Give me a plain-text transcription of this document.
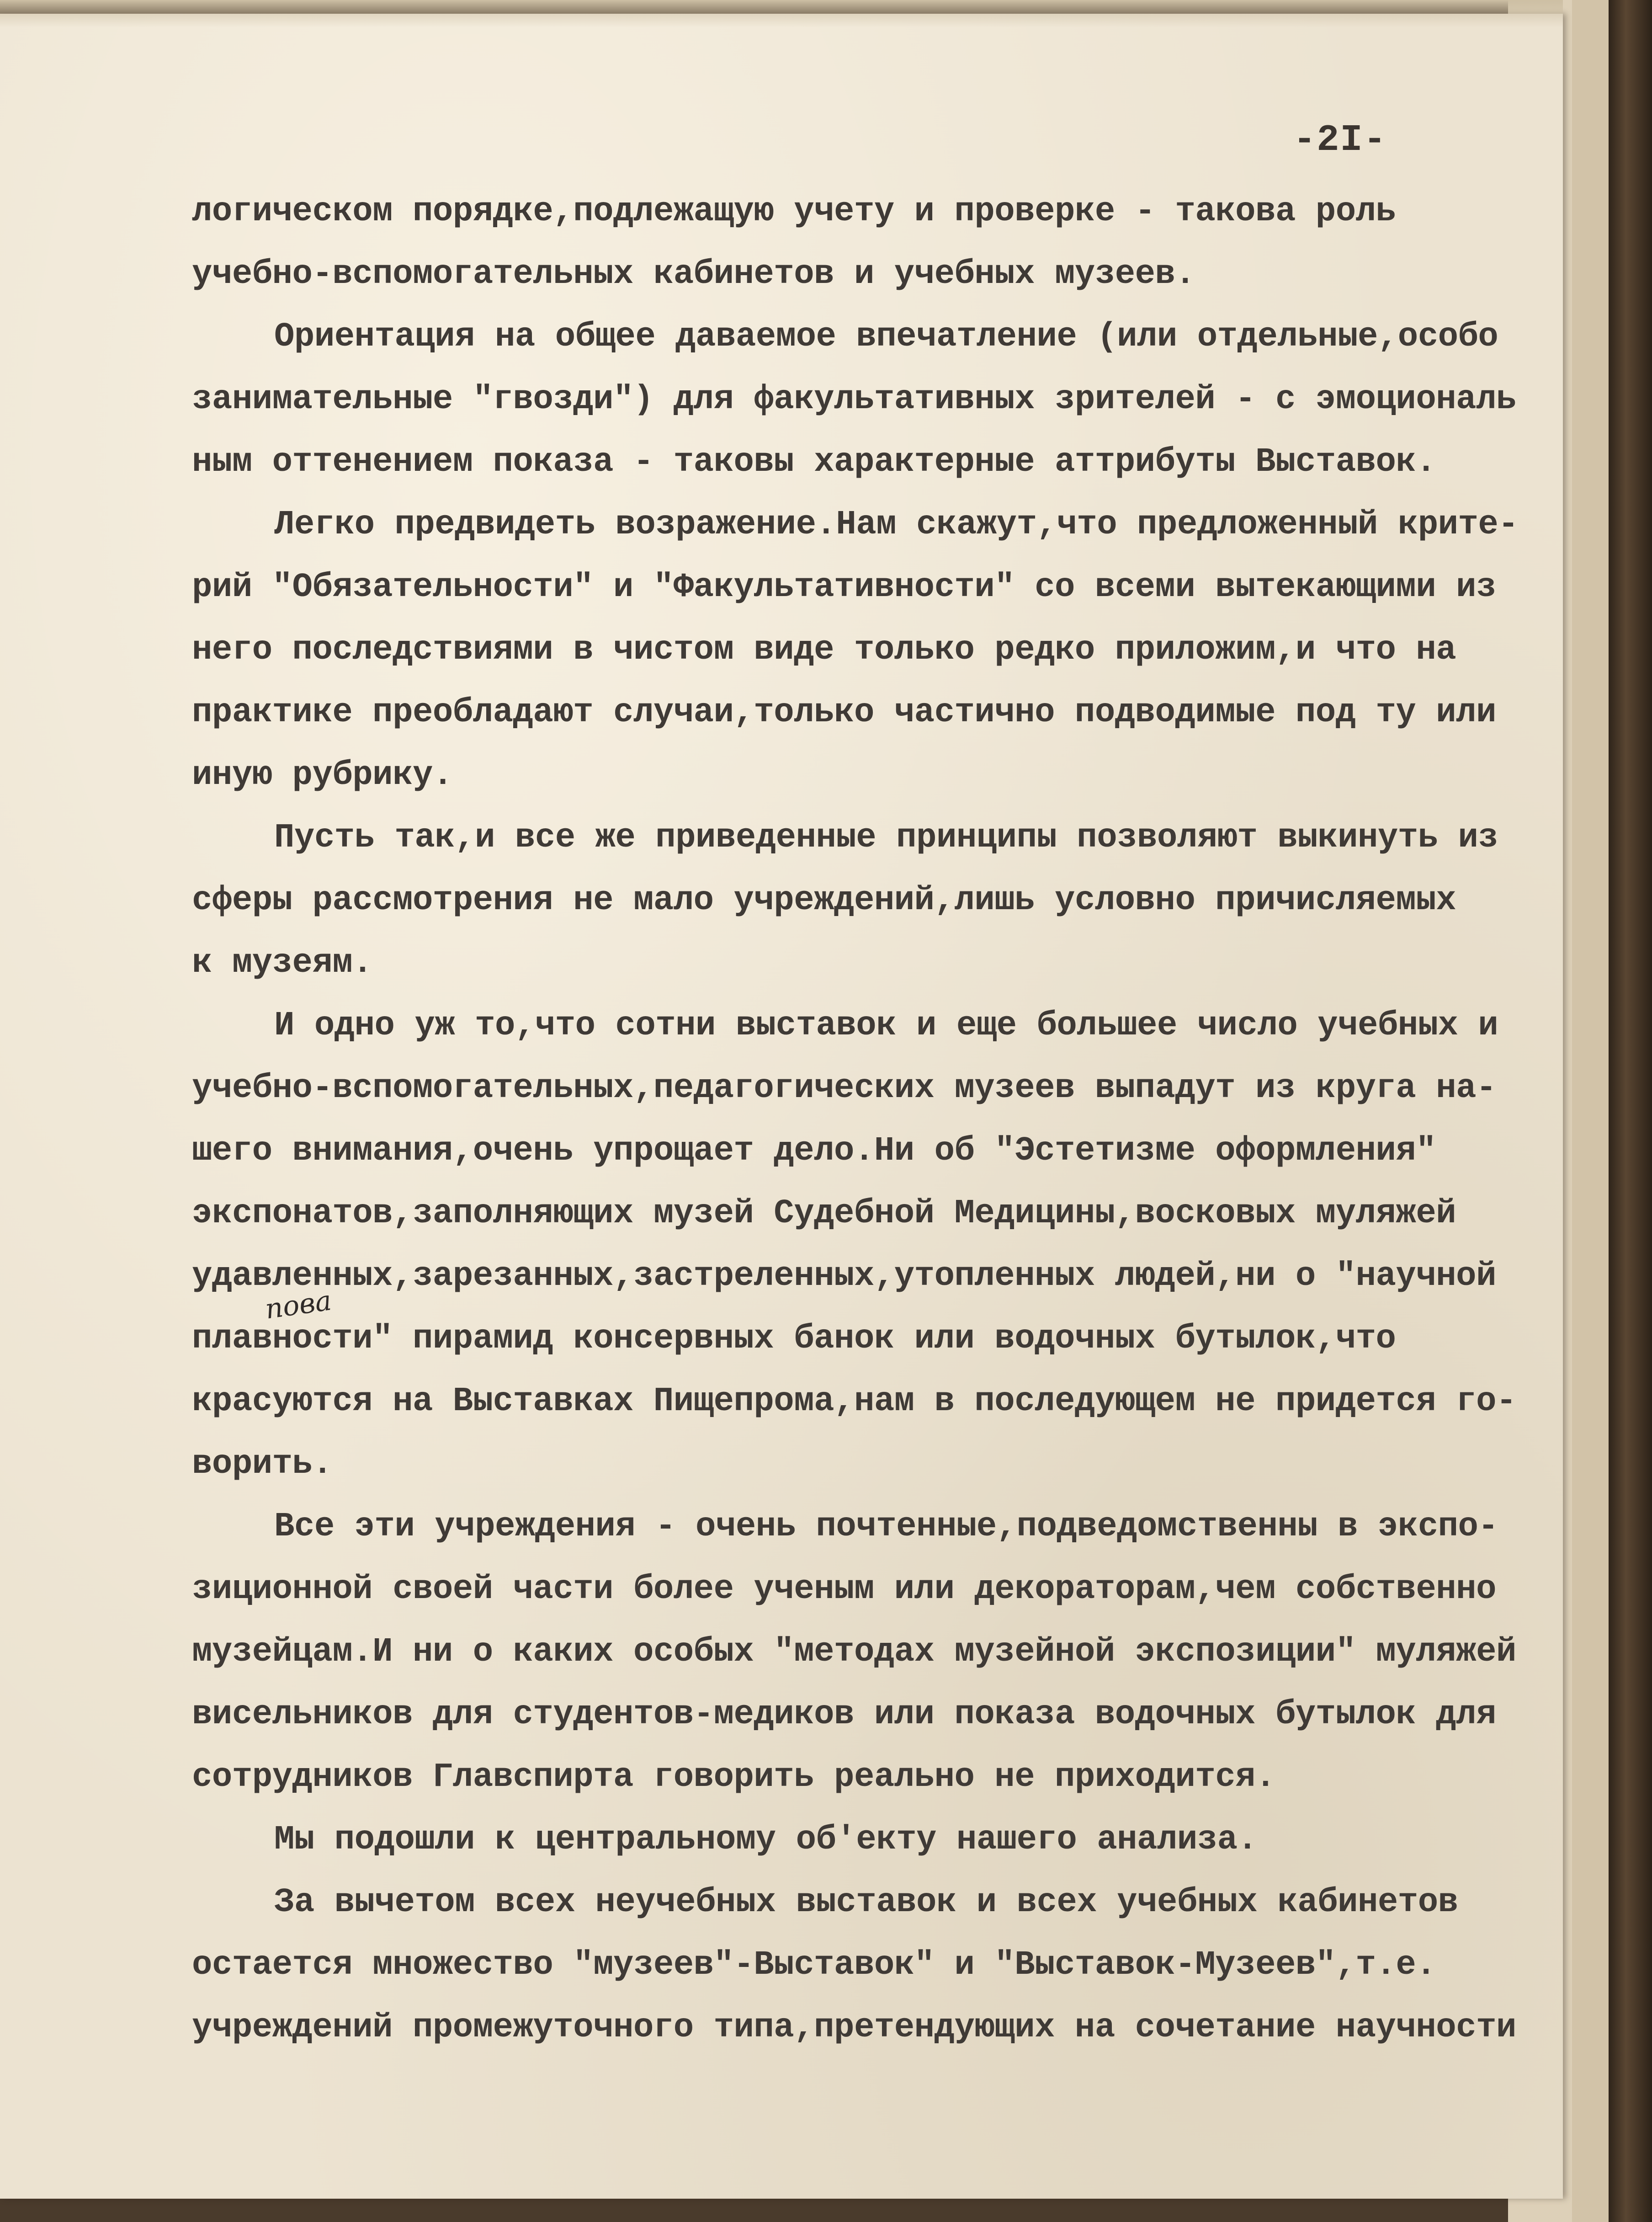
-2I-
логическом порядке,подлежащую учету и проверке - такова роль
учебно-вспомогательных кабинетов и учебных музеев.
Ориентация на общее даваемое впечатление (или отдельные,особо
занимательные "гвозди") для факультативных зрителей - с эмоциональ
ным оттенением показа - таковы характерные аттрибуты Выставок.
Легко предвидеть возражение.Нам скажут,что предложенный крите-
рий "Обязательности" и "Факультативности" со всеми вытекающими из
него последствиями в чистом виде только редко приложим,и что на
практике преобладают случаи,только частично подводимые под ту или
иную рубрику.
Пусть так,и все же приведенные принципы позволяют выкинуть из
сферы рассмотрения не мало учреждений,лишь условно причисляемых
к музеям.
И одно уж то,что сотни выставок и еще большее число учебных и
учебно-вспомогательных,педагогических музеев выпадут из круга на-
шего внимания,очень упрощает дело.Ни об "Эстетизме оформления"
экспонатов,заполняющих музей Судебной Медицины,восковых муляжей
удавленных,зарезанных,застреленных,утопленных людей,ни о "научной
плавности" пирамид консервных банок или водочных бутылок,что
красуются на Выставках Пищепрома,нам в последующем не придется го-
ворить.
Все эти учреждения - очень почтенные,подведомственны в экспо-
зиционной своей части более ученым или декораторам,чем собственно
музейцам.И ни о каких особых "методах музейной экспозиции" муляжей
висельников для студентов-медиков или показа водочных бутылок для
сотрудников Главспирта говорить реально не приходится.
Мы подошли к центральному об'екту нашего анализа.
За вычетом всех неучебных выставок и всех учебных кабинетов
остается множество "музеев"-Выставок" и "Выставок-Музеев",т.е.
учреждений промежуточного типа,претендующих на сочетание научности
пова
